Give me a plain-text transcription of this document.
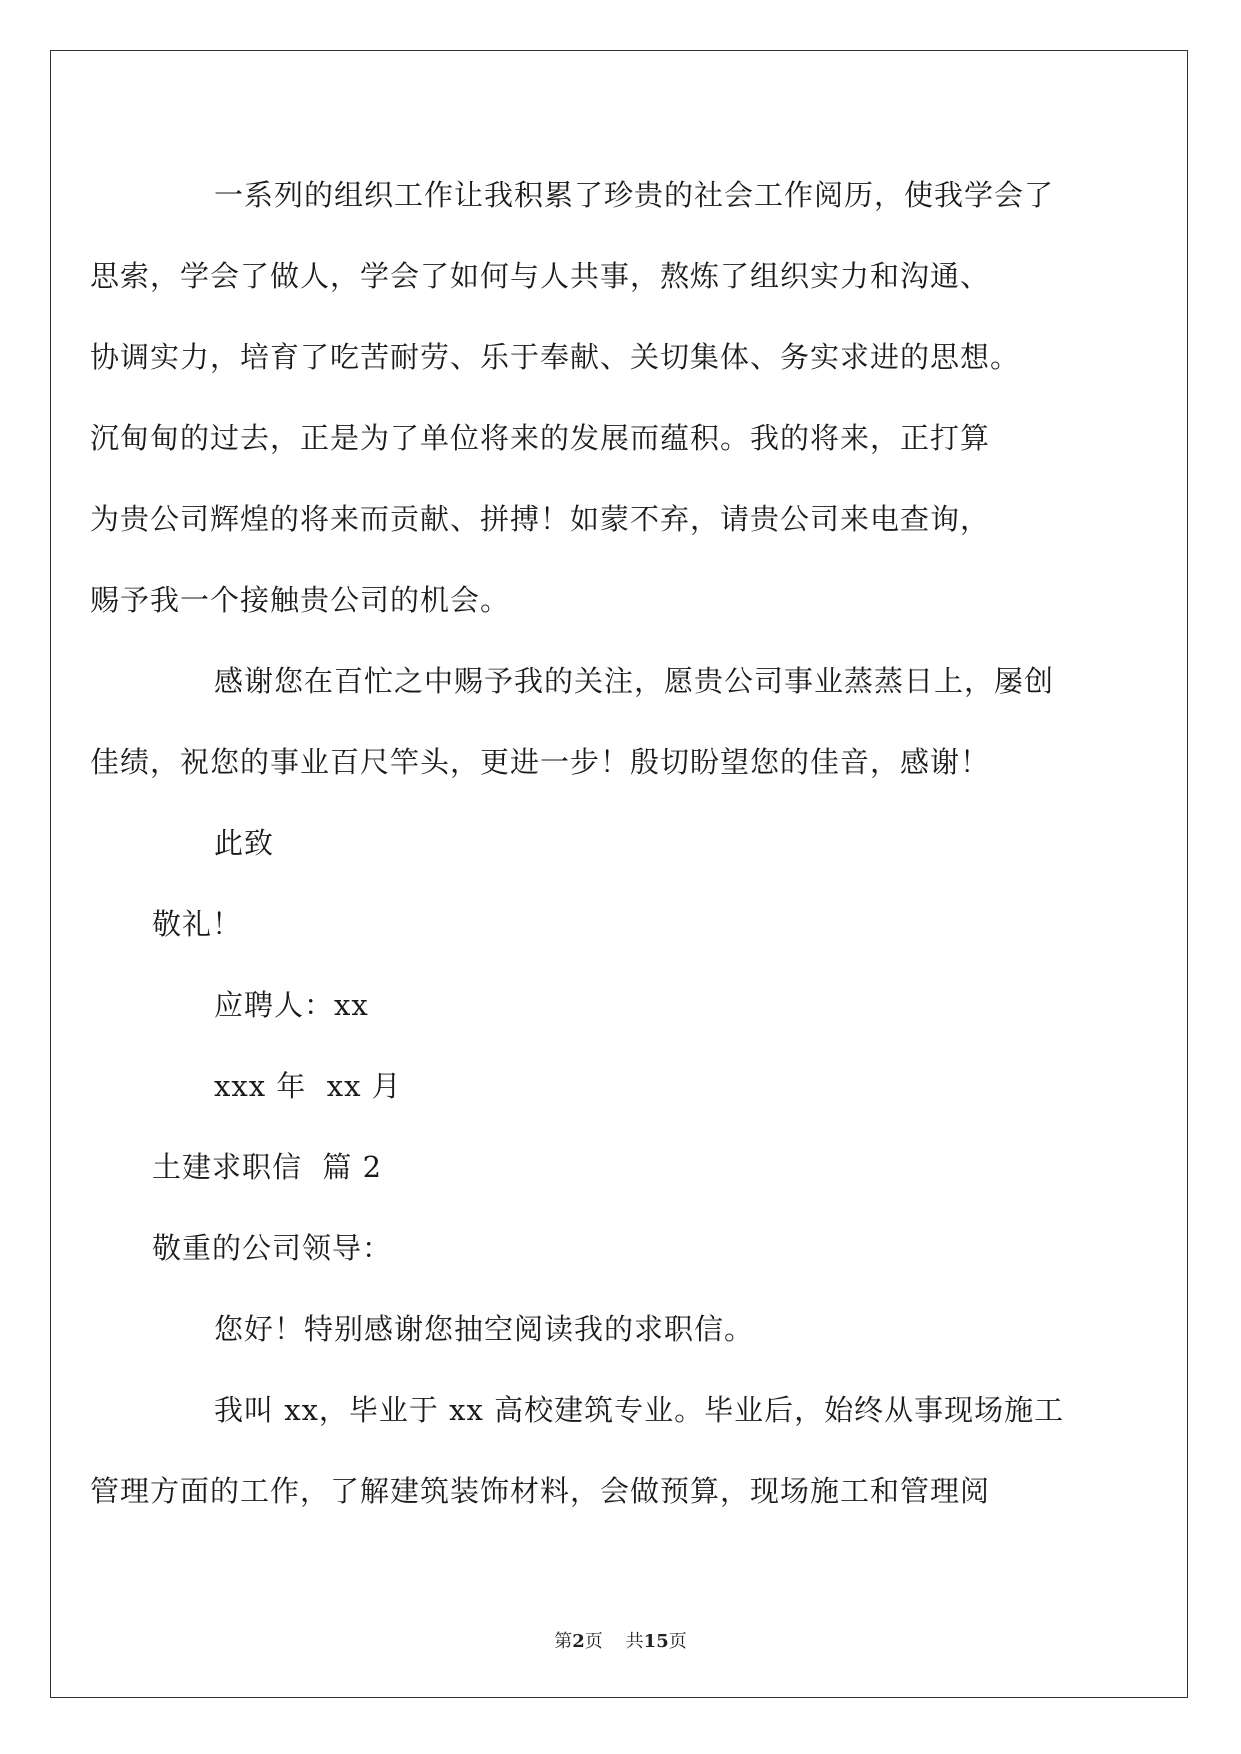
一系列的组织工作让我积累了珍贵的社会工作阅历，使我学会了
思索，学会了做人，学会了如何与人共事，熬炼了组织实力和沟通、
协调实力，培育了吃苦耐劳、乐于奉献、关切集体、务实求进的思想。
沉甸甸的过去，正是为了单位将来的发展而蕴积。我的将来，正打算
为贵公司辉煌的将来而贡献、拼搏！如蒙不弃，请贵公司来电查询，
赐予我一个接触贵公司的机会。

感谢您在百忙之中赐予我的关注，愿贵公司事业蒸蒸日上，屡创
佳绩，祝您的事业百尺竿头，更进一步！殷切盼望您的佳音，感谢！

此致

敬礼！

应聘人：xx

xxx 年  xx 月

土建求职信  篇 2

敬重的公司领导：

您好！特别感谢您抽空阅读我的求职信。

我叫 xx，毕业于 xx 高校建筑专业。毕业后，始终从事现场施工
管理方面的工作，了解建筑装饰材料，会做预算，现场施工和管理阅

第2页 共15页
